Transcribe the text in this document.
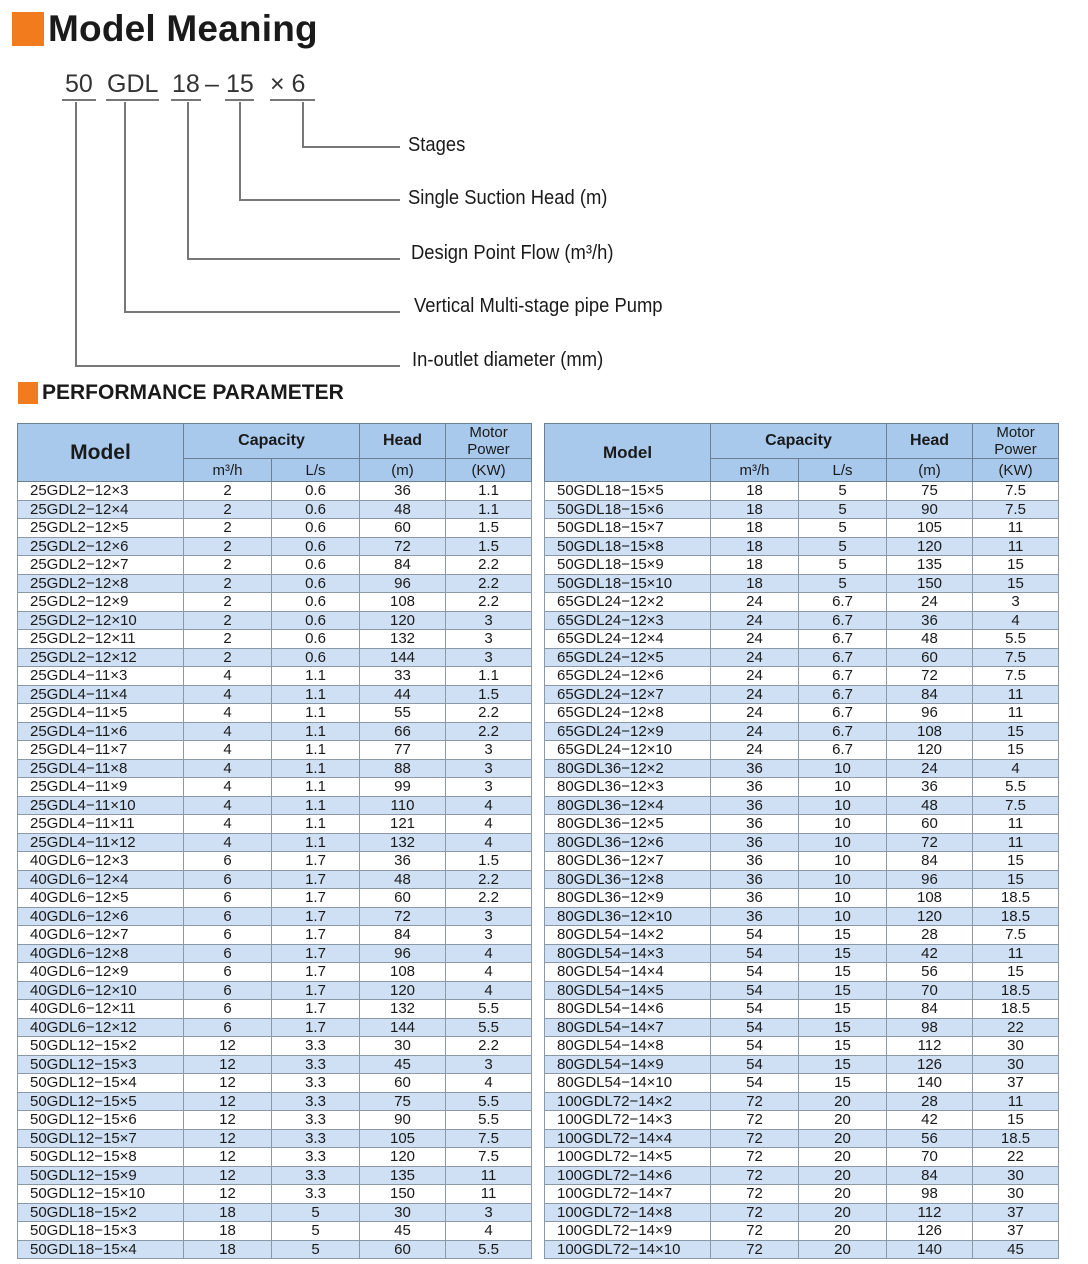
Model Meaning
50 GDL 18 – 15 × 6
Stages
Single Suction Head (m)
Design Point Flow (m³/h)
Vertical Multi-stage pipe Pump
In-outlet diameter (mm)
PERFORMANCE PARAMETER
Model	Capacity		Head	Motor Power
	m³/h	L/s	(m)	(KW)
25GDL2−12×3	2	0.6	36	1.1
25GDL2−12×4	2	0.6	48	1.1
25GDL2−12×5	2	0.6	60	1.5
25GDL2−12×6	2	0.6	72	1.5
25GDL2−12×7	2	0.6	84	2.2
25GDL2−12×8	2	0.6	96	2.2
25GDL2−12×9	2	0.6	108	2.2
25GDL2−12×10	2	0.6	120	3
25GDL2−12×11	2	0.6	132	3
25GDL2−12×12	2	0.6	144	3
25GDL4−11×3	4	1.1	33	1.1
25GDL4−11×4	4	1.1	44	1.5
25GDL4−11×5	4	1.1	55	2.2
25GDL4−11×6	4	1.1	66	2.2
25GDL4−11×7	4	1.1	77	3
25GDL4−11×8	4	1.1	88	3
25GDL4−11×9	4	1.1	99	3
25GDL4−11×10	4	1.1	110	4
25GDL4−11×11	4	1.1	121	4
25GDL4−11×12	4	1.1	132	4
40GDL6−12×3	6	1.7	36	1.5
40GDL6−12×4	6	1.7	48	2.2
40GDL6−12×5	6	1.7	60	2.2
40GDL6−12×6	6	1.7	72	3
40GDL6−12×7	6	1.7	84	3
40GDL6−12×8	6	1.7	96	4
40GDL6−12×9	6	1.7	108	4
40GDL6−12×10	6	1.7	120	4
40GDL6−12×11	6	1.7	132	5.5
40GDL6−12×12	6	1.7	144	5.5
50GDL12−15×2	12	3.3	30	2.2
50GDL12−15×3	12	3.3	45	3
50GDL12−15×4	12	3.3	60	4
50GDL12−15×5	12	3.3	75	5.5
50GDL12−15×6	12	3.3	90	5.5
50GDL12−15×7	12	3.3	105	7.5
50GDL12−15×8	12	3.3	120	7.5
50GDL12−15×9	12	3.3	135	11
50GDL12−15×10	12	3.3	150	11
50GDL18−15×2	18	5	30	3
50GDL18−15×3	18	5	45	4
50GDL18−15×4	18	5	60	5.5
Model	Capacity		Head	Motor Power
	m³/h	L/s	(m)	(KW)
50GDL18−15×5	18	5	75	7.5
50GDL18−15×6	18	5	90	7.5
50GDL18−15×7	18	5	105	11
50GDL18−15×8	18	5	120	11
50GDL18−15×9	18	5	135	15
50GDL18−15×10	18	5	150	15
65GDL24−12×2	24	6.7	24	3
65GDL24−12×3	24	6.7	36	4
65GDL24−12×4	24	6.7	48	5.5
65GDL24−12×5	24	6.7	60	7.5
65GDL24−12×6	24	6.7	72	7.5
65GDL24−12×7	24	6.7	84	11
65GDL24−12×8	24	6.7	96	11
65GDL24−12×9	24	6.7	108	15
65GDL24−12×10	24	6.7	120	15
80GDL36−12×2	36	10	24	4
80GDL36−12×3	36	10	36	5.5
80GDL36−12×4	36	10	48	7.5
80GDL36−12×5	36	10	60	11
80GDL36−12×6	36	10	72	11
80GDL36−12×7	36	10	84	15
80GDL36−12×8	36	10	96	15
80GDL36−12×9	36	10	108	18.5
80GDL36−12×10	36	10	120	18.5
80GDL54−14×2	54	15	28	7.5
80GDL54−14×3	54	15	42	11
80GDL54−14×4	54	15	56	15
80GDL54−14×5	54	15	70	18.5
80GDL54−14×6	54	15	84	18.5
80GDL54−14×7	54	15	98	22
80GDL54−14×8	54	15	112	30
80GDL54−14×9	54	15	126	30
80GDL54−14×10	54	15	140	37
100GDL72−14×2	72	20	28	11
100GDL72−14×3	72	20	42	15
100GDL72−14×4	72	20	56	18.5
100GDL72−14×5	72	20	70	22
100GDL72−14×6	72	20	84	30
100GDL72−14×7	72	20	98	30
100GDL72−14×8	72	20	112	37
100GDL72−14×9	72	20	126	37
100GDL72−14×10	72	20	140	45
